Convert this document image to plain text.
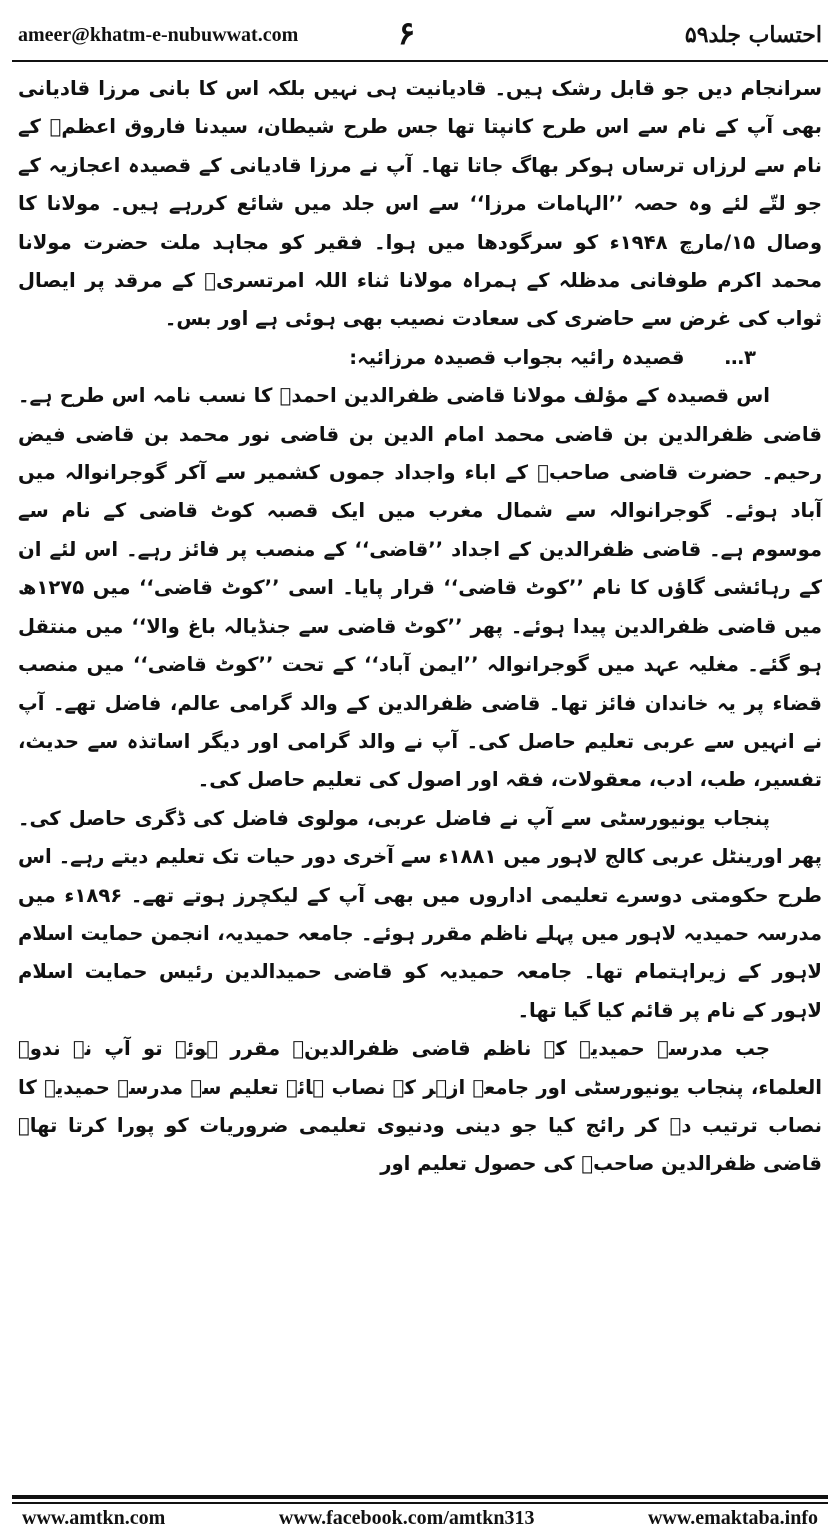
ameer@khatm-e-nubuwwat.com	۶	احتساب جلد۵۹

سرانجام دیں جو قابل رشک ہیں۔ قادیانیت ہی نہیں بلکہ اس کا بانی مرزا قادیانی بھی آپ کے نام سے اس طرح کانپتا تھا جس طرح شیطان، سیدنا فاروق اعظمؓ کے نام سے لرزاں ترساں ہوکر بھاگ جاتا تھا۔ آپ نے مرزا قادیانی کے قصیدہ اعجازیہ کے جو لتّے لئے وہ حصہ ’’الہامات مرزا‘‘ سے اس جلد میں شائع کررہے ہیں۔ مولانا کا وصال ۱۵/مارچ ۱۹۴۸ء کو سرگودھا میں ہوا۔ فقیر کو مجاہد ملت حضرت مولانا محمد اکرم طوفانی مدظلہ کے ہمراہ مولانا ثناء اللہ امرتسریؒ کے مرقد پر ایصال ثواب کی غرض سے حاضری کی سعادت نصیب بھی ہوئی ہے اور بس۔

۳…قصیدہ رائیہ بجواب قصیدہ مرزائیہ:

اس قصیدہ کے مؤلف مولانا قاضی ظفرالدین احمدؒ کا نسب نامہ اس طرح ہے۔ قاضی ظفرالدین بن قاضی محمد امام الدین بن قاضی نور محمد بن قاضی فیض رحیم۔ حضرت قاضی صاحبؒ کے اباء واجداد جموں کشمیر سے آکر گوجرانوالہ میں آباد ہوئے۔ گوجرانوالہ سے شمال مغرب میں ایک قصبہ کوٹ قاضی کے نام سے موسوم ہے۔ قاضی ظفرالدین کے اجداد ’’قاضی‘‘ کے منصب پر فائز رہے۔ اس لئے ان کے رہائشی گاؤں کا نام ’’کوٹ قاضی‘‘ قرار پایا۔ اسی ’’کوٹ قاضی‘‘ میں ۱۲۷۵ھ میں قاضی ظفرالدین پیدا ہوئے۔ پھر ’’کوٹ قاضی سے جنڈیالہ باغ والا‘‘ میں منتقل ہو گئے۔ مغلیہ عہد میں گوجرانوالہ ’’ایمن آباد‘‘ کے تحت ’’کوٹ قاضی‘‘ میں منصب قضاء پر یہ خاندان فائز تھا۔ قاضی ظفرالدین کے والد گرامی عالم، فاضل تھے۔ آپ نے انہیں سے عربی تعلیم حاصل کی۔ آپ نے والد گرامی اور دیگر اساتذہ سے حدیث، تفسیر، طب، ادب، معقولات، فقہ اور اصول کی تعلیم حاصل کی۔

پنجاب یونیورسٹی سے آپ نے فاضل عربی، مولوی فاضل کی ڈگری حاصل کی۔ پھر اورینٹل عربی کالج لاہور میں ۱۸۸۱ء سے آخری دور حیات تک تعلیم دیتے رہے۔ اس طرح حکومتی دوسرے تعلیمی اداروں میں بھی آپ کے لیکچرز ہوتے تھے۔ ۱۸۹۶ء میں مدرسہ حمیدیہ لاہور میں پہلے ناظم مقرر ہوئے۔ جامعہ حمیدیہ، انجمن حمایت اسلام لاہور کے زیراہتمام تھا۔ جامعہ حمیدیہ کو قاضی حمیدالدین رئیس حمایت اسلام لاہور کے نام پر قائم کیا گیا تھا۔

جب مدرسہ حمیدیہ کے ناظم قاضی ظفرالدینؒ مقرر ہوئے تو آپ نے ندوۃ العلماء، پنجاب یونیورسٹی اور جامعہ ازہر کے نصاب ہائے تعلیم سے مدرسہ حمیدیہ کا نصاب ترتیب دے کر رائج کیا جو دینی ودنیوی تعلیمی ضروریات کو پورا کرتا تھا۔ قاضی ظفرالدین صاحبؒ کی حصول تعلیم اور

www.amtkn.com	www.facebook.com/amtkn313	www.emaktaba.info
